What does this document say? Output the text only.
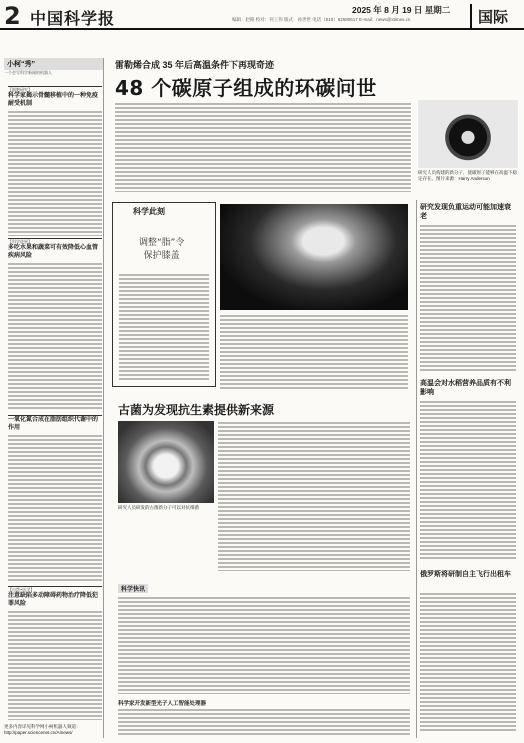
2 中国科学报	2025 年 8 月 19 日 星期二
编辑：赵路 校对：何工伟 版式：孙世世 电话（010）62580617 E-mail：news@stimes.cn	国际
小柯“秀”
一个会写科学新闻的机器人
【细胞研究】
科学家揭示骨髓移植中的一种免疫耐受机制
【科学进展】
多吃水果和蔬菜可有效降低心血管疾病风险
一氧化氮合成在脂肪组织代谢中的作用
【自然•医学】
注意缺陷多动障碍药物治疗降低犯罪风险
更多内容详见科学网小柯机器人频道：http://paper.sciencenet.cn/AInews/
雷勒烯合成 35 年后高温条件下再现奇迹
48 个碳原子组成的环碳问世
研究人员构建的新分子，使碳原子能够在高温下稳定存在。图片来源：Harry Anderson
科学此刻
调整“脂”令
保护膝盖
研究发现负重运动可能加速衰老
高温会对水稻营养品质有不利影响
俄罗斯将研制自主飞行出租车
古菌为发现抗生素提供新来源
研究人员研发的古菌新分子可以对抗细菌
科学快讯
科学家开发新型光子人工智能处理器
